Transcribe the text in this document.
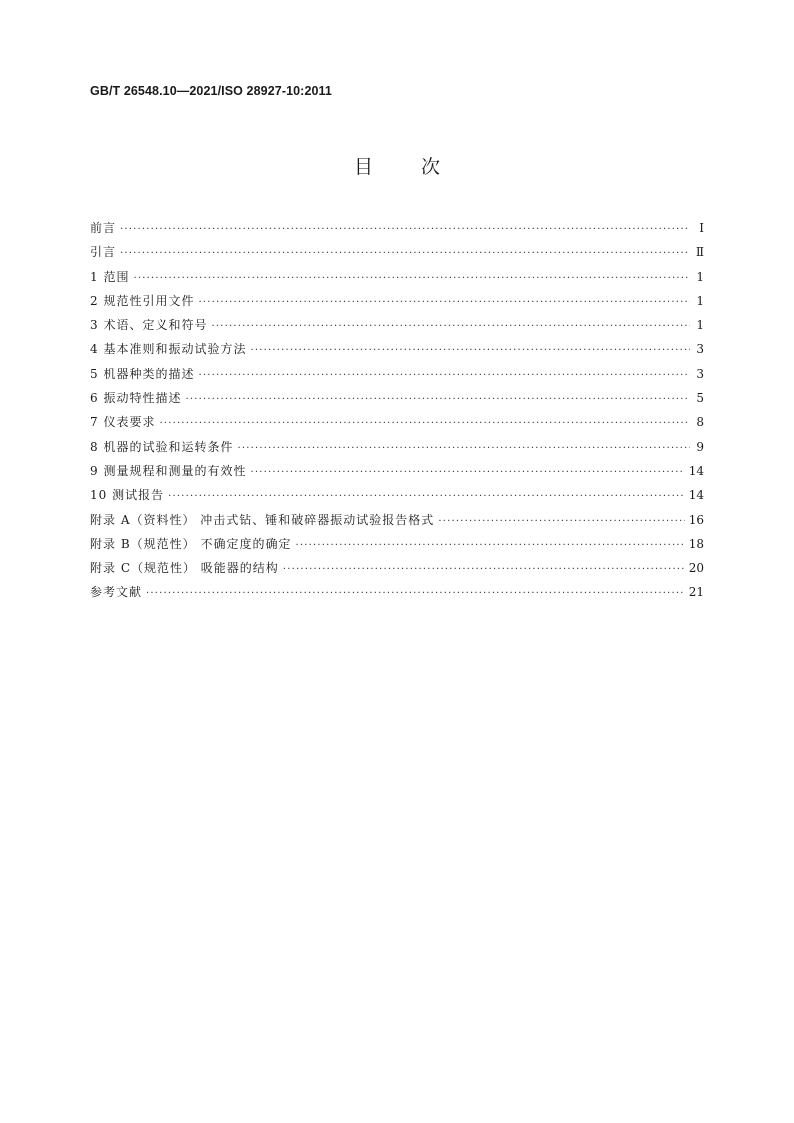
GB/T 26548.10—2021/ISO 28927-10:2011
目次
前言 ·····	Ⅰ
引言 ·····	Ⅱ
1 范围 ·····	1
2 规范性引用文件 ·····	1
3 术语、定义和符号 ·····	1
4 基本准则和振动试验方法 ·····	3
5 机器种类的描述 ·····	3
6 振动特性描述 ·····	5
7 仪表要求 ·····	8
8 机器的试验和运转条件 ·····	9
9 测量规程和测量的有效性 ·····	14
10 测试报告 ·····	14
附录 A（资料性） 冲击式钻、锤和破碎器振动试验报告格式 ·····	16
附录 B（规范性） 不确定度的确定 ·····	18
附录 C（规范性） 吸能器的结构 ·····	20
参考文献 ·····	21
